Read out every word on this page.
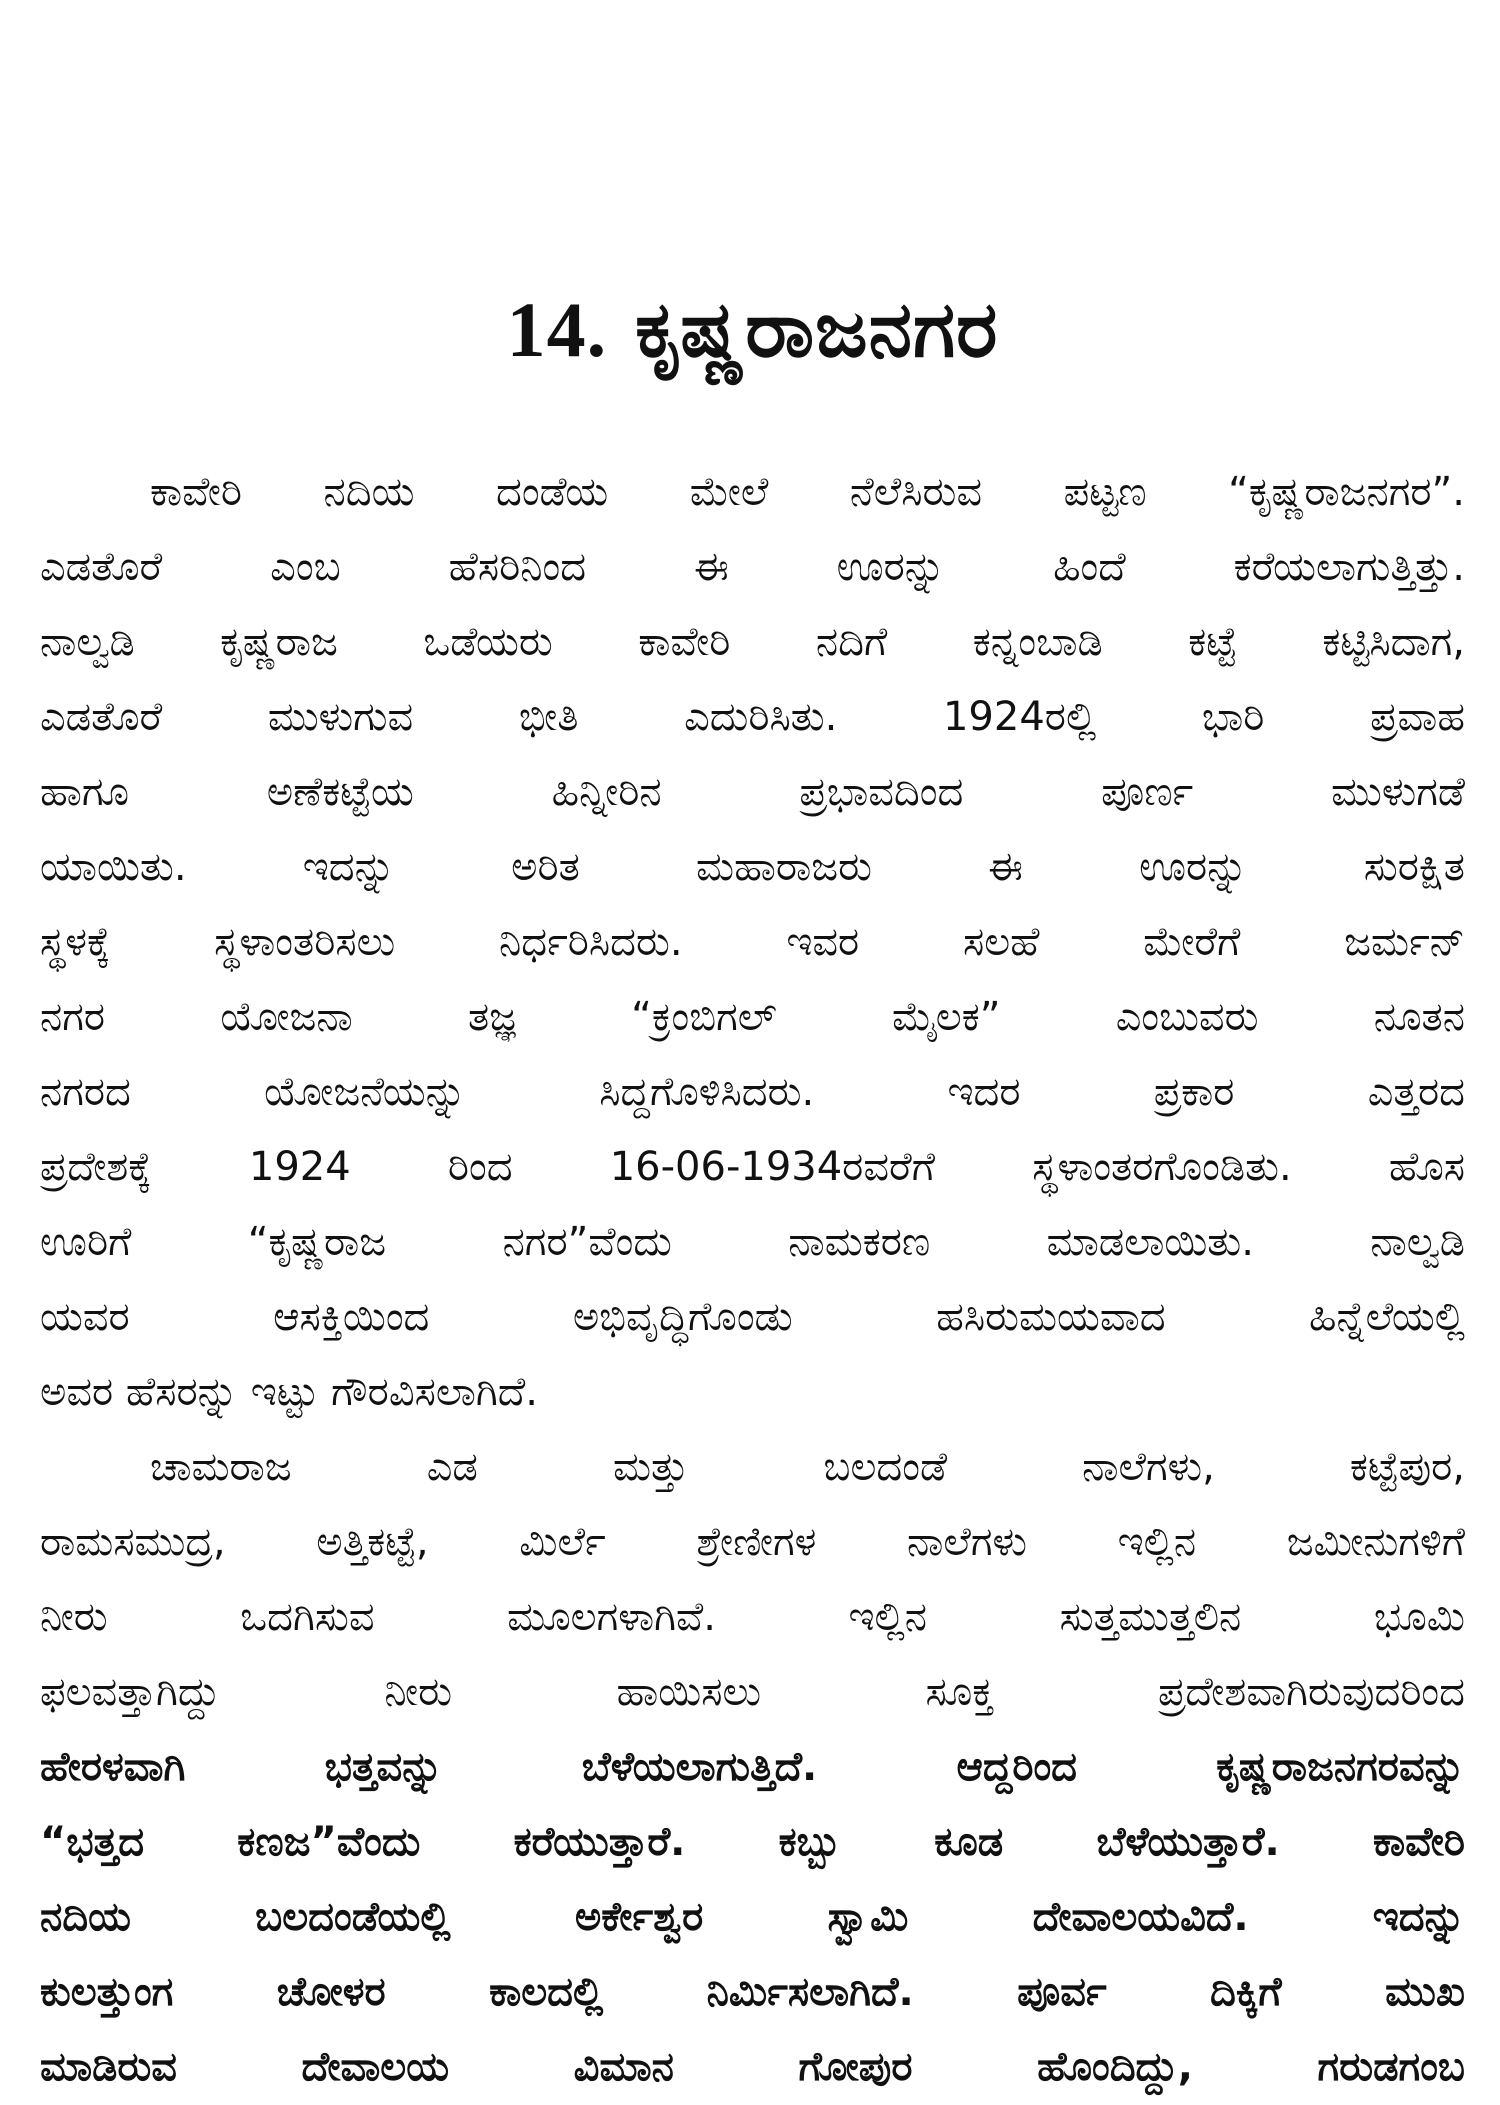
14. ಕೃಷ್ಣರಾಜನಗರ
ಕಾವೇರಿ ನದಿಯ ದಂಡೆಯ ಮೇಲೆ ನೆಲೆಸಿರುವ ಪಟ್ಟಣ “ಕೃಷ್ಣರಾಜನಗರ”.
ಎಡತೊರೆ ಎಂಬ ಹೆಸರಿನಿಂದ ಈ ಊರನ್ನು ಹಿಂದೆ ಕರೆಯಲಾಗುತ್ತಿತ್ತು.
ನಾಲ್ವಡಿ ಕೃಷ್ಣರಾಜ ಒಡೆಯರು ಕಾವೇರಿ ನದಿಗೆ ಕನ್ನಂಬಾಡಿ ಕಟ್ಟೆ ಕಟ್ಟಿಸಿದಾಗ,
ಎಡತೊರೆ ಮುಳುಗುವ ಭೀತಿ ಎದುರಿಸಿತು. 1924ರಲ್ಲಿ ಭಾರಿ ಪ್ರವಾಹ
ಹಾಗೂ ಅಣೆಕಟ್ಟೆಯ ಹಿನ್ನೀರಿನ ಪ್ರಭಾವದಿಂದ ಪೂರ್ಣ ಮುಳುಗಡೆ
ಯಾಯಿತು. ಇದನ್ನು ಅರಿತ ಮಹಾರಾಜರು ಈ ಊರನ್ನು ಸುರಕ್ಷಿತ
ಸ್ಥಳಕ್ಕೆ ಸ್ಥಳಾಂತರಿಸಲು ನಿರ್ಧರಿಸಿದರು. ಇವರ ಸಲಹೆ ಮೇರೆಗೆ ಜರ್ಮನ್
ನಗರ ಯೋಜನಾ ತಜ್ಞ “ಕ್ರಂಬಿಗಲ್ ಮೈಲಕ” ಎಂಬುವರು ನೂತನ
ನಗರದ ಯೋಜನೆಯನ್ನು ಸಿದ್ದಗೊಳಿಸಿದರು. ಇದರ ಪ್ರಕಾರ ಎತ್ತರದ
ಪ್ರದೇಶಕ್ಕೆ 1924 ರಿಂದ 16-06-1934ರವರೆಗೆ ಸ್ಥಳಾಂತರಗೊಂಡಿತು. ಹೊಸ
ಊರಿಗೆ “ಕೃಷ್ಣರಾಜ ನಗರ”ವೆಂದು ನಾಮಕರಣ ಮಾಡಲಾಯಿತು. ನಾಲ್ವಡಿ
ಯವರ ಆಸಕ್ತಿಯಿಂದ ಅಭಿವೃದ್ಧಿಗೊಂಡು ಹಸಿರುಮಯವಾದ ಹಿನ್ನೆಲೆಯಲ್ಲಿ
ಅವರ ಹೆಸರನ್ನು ಇಟ್ಟು ಗೌರವಿಸಲಾಗಿದೆ.
ಚಾಮರಾಜ ಎಡ ಮತ್ತು ಬಲದಂಡೆ ನಾಲೆಗಳು, ಕಟ್ಟೆಪುರ,
ರಾಮಸಮುದ್ರ, ಅತ್ತಿಕಟ್ಟೆ, ಮಿರ್ಲೆ ಶ್ರೇಣೀಗಳ ನಾಲೆಗಳು ಇಲ್ಲಿನ ಜಮೀನುಗಳಿಗೆ
ನೀರು ಒದಗಿಸುವ ಮೂಲಗಳಾಗಿವೆ. ಇಲ್ಲಿನ ಸುತ್ತಮುತ್ತಲಿನ ಭೂಮಿ
ಫಲವತ್ತಾಗಿದ್ದು ನೀರು ಹಾಯಿಸಲು ಸೂಕ್ತ ಪ್ರದೇಶವಾಗಿರುವುದರಿಂದ
ಹೇರಳವಾಗಿ ಭತ್ತವನ್ನು ಬೆಳೆಯಲಾಗುತ್ತಿದೆ. ಆದ್ದರಿಂದ ಕೃಷ್ಣರಾಜನಗರವನ್ನು
“ಭತ್ತದ ಕಣಜ”ವೆಂದು ಕರೆಯುತ್ತಾರೆ. ಕಬ್ಬು ಕೂಡ ಬೆಳೆಯುತ್ತಾರೆ. ಕಾವೇರಿ
ನದಿಯ ಬಲದಂಡೆಯಲ್ಲಿ ಅರ್ಕೇಶ್ವರ ಸ್ವಾಮಿ ದೇವಾಲಯವಿದೆ. ಇದನ್ನು
ಕುಲತ್ತುಂಗ ಚೋಳರ ಕಾಲದಲ್ಲಿ ನಿರ್ಮಿಸಲಾಗಿದೆ. ಪೂರ್ವ ದಿಕ್ಕಿಗೆ ಮುಖ
ಮಾಡಿರುವ ದೇವಾಲಯ ವಿಮಾನ ಗೋಪುರ ಹೊಂದಿದ್ದು, ಗರುಡಗಂಬ
